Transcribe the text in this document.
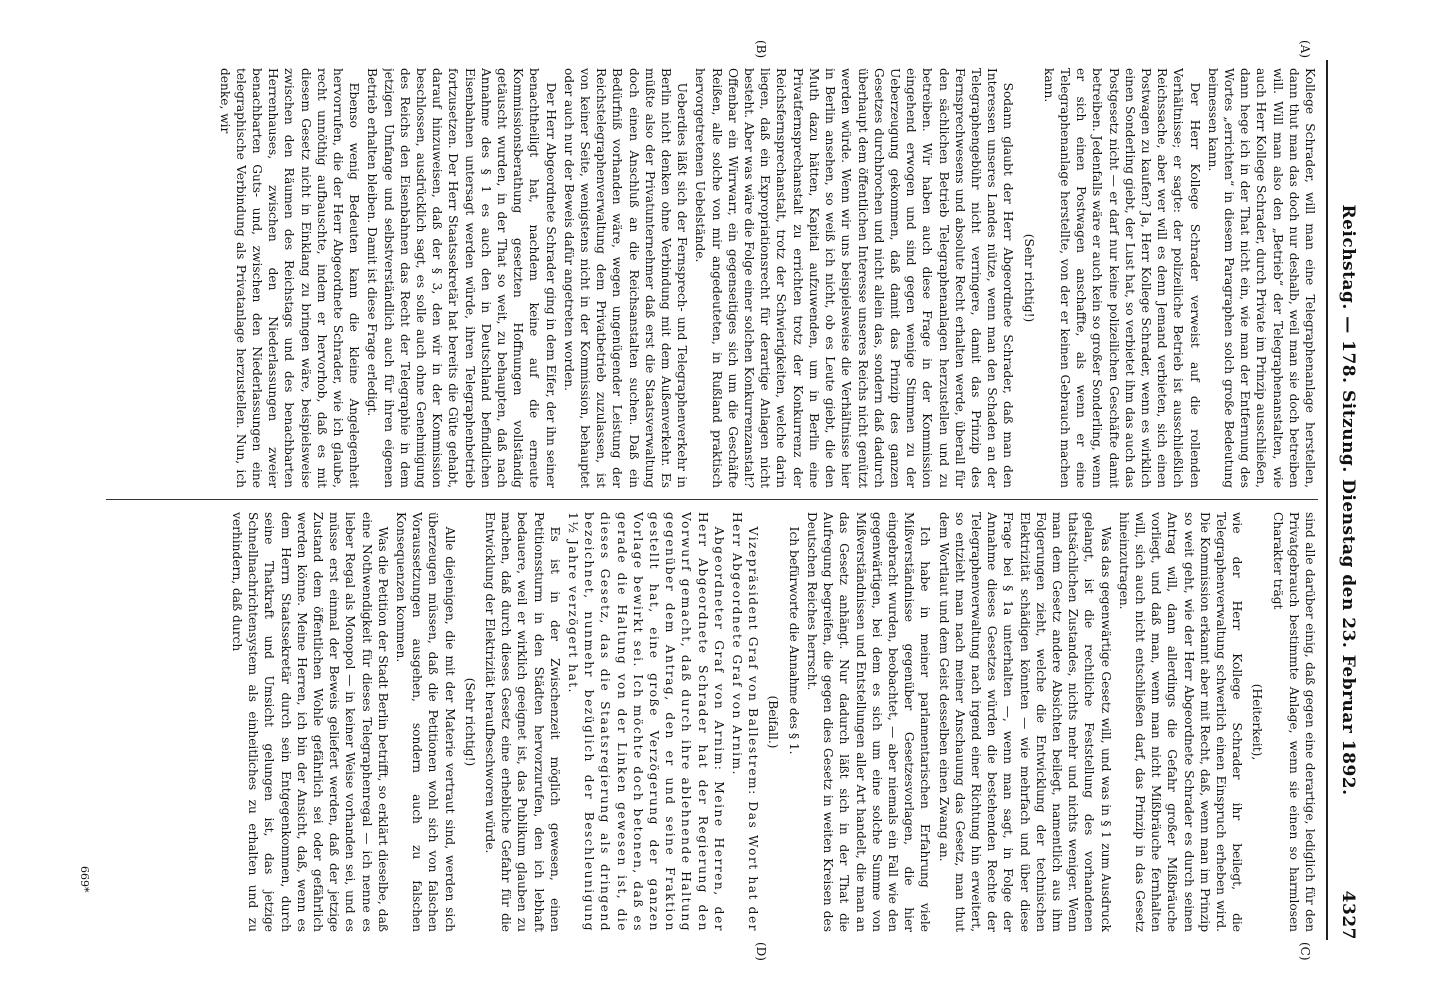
Reichstag. — 178. Sitzung. Dienstag den 23. Februar 1892.
4327
(A)
(B)
(C)
(D)

Kollege Schrader, will man eine Telegraphenanlage herstellen, dann thut man das doch nur deshalb, weil man sie doch betreiben will. Will man also den „Betrieb“ der Telegraphenanstalten, wie auch Herr Kollege Schrader, durch Private im Prinzip ausschließen, dann hege ich in der That nicht ein, wie man der Entfernung des Wortes „errichten“ in diesem Paragraphen solch große Bedeutung beimessen kann.

Der Herr Kollege Schrader verweist auf die rollenden Verhältnisse; er sagte: der polizeiliche Betrieb ist ausschließlich Reichssache, aber wer will es denn Jemand verbieten, sich einen Postwagen zu kaufen? Ja, Herr Kollege Schrader, wenn es wirklich einen Sonderling giebt, der Lust hat, so verbietet ihm das auch das Postgesetz nicht — er darf nur keine polizeilichen Geschäfte damit betreiben. Jedenfalls wäre er auch kein so großer Sonderling, wenn er sich einen Postwagen anschaffte, als wenn er eine Telegraphenanlage herstellte, von der er keinen Gebrauch machen kann.

(Sehr richtig!)

Sodann glaubt der Herr Abgeordnete Schrader, daß man den Interessen unseres Landes nütze, wenn man den Schaden an der Telegraphengebühr nicht verringere, damit das Prinzip des Fernsprechwesens und absolute Recht erhalten werde, überall für den sächlichen Betrieb Telegraphenanlagen herzustellen und zu betreiben. Wir haben auch diese Frage in der Kommission eingehend erwogen und sind gegen wenige Stimmen zu der Ueberzeugung gekommen, daß damit das Prinzip des ganzen Gesetzes durchbrochen und nicht allein das, sondern daß dadurch überhaupt dem öffentlichen Interesse unseres Reichs nicht genützt werden würde. Wenn wir uns beispielsweise die Verhältnisse hier in Berlin ansehen, so weiß ich nicht, ob es Leute giebt, die den Muth dazu hätten, Kapital aufzuwenden, um in Berlin eine Privatfernsprechanstalt zu errichten trotz der Konkurrenz der Reichsfernsprechanstalt, trotz der Schwierigkeiten, welche darin liegen, daß ein Expropriationsrecht für derartige Anlagen nicht besteht. Aber was wäre die Folge einer solchen Konkurrenzanstalt? Offenbar ein Wirrwarr, ein gegenseitiges sich um die Geschäfte Reißen, alle solche von mir angedeuteten, in Rußland praktisch hervorgetretenen Uebelstände.

Ueberdies läßt sich der Fernsprech- und Telegraphenverkehr in Berlin nicht denken ohne Verbindung mit dem Außenverkehr. Es müßte also der Privatunternehmer daß erst die Staatsverwaltung doch einen Anschluß an die Reichsanstalten suchen. Daß ein Bedürfniß vorhanden wäre, wegen ungenügender Leistung der Reichstelegraphenverwaltung dem Privatbetrieb zuzulassen, ist von keiner Seite, wenigstens nicht in der Kommission, behauptet oder auch nur der Beweis dafür angetreten worden.

Der Herr Abgeordnete Schrader ging in dem Eifer, der ihn seiner benachtheiligt hat, nachdem keine auf die erneute Kommissionsberathung gesetzten Hoffnungen vollständig getäuscht wurden, in der That so weit, zu behaupten, daß nach Annahme des § 1 es auch den in Deutschland befindlichen Eisenbahnen untersagt werden würde, ihren Telegraphenbetrieb fortzusetzen. Der Herr Staatssekretär hat bereits die Güte gehabt, darauf hinzuweisen, daß der § 3, den wir in der Kommission beschlossen, ausdrücklich sagt, es solle auch ohne Genehmigung des Reichs den Eisenbahnen das Recht der Telegraphie in dem jetzigen Umfange und selbstverständlich auch für ihren eigenen Betrieb erhalten bleiben. Damit ist diese Frage erledigt.

Ebenso wenig Bedeuten kann die kleine Angelegenheit hervorrufen, die der Herr Abgeordnete Schrader, wie ich glaube, recht unnöthig aufbauschte, indem er hervorhob, daß es mit diesem Gesetz nicht in Einklang zu bringen wäre, beispielsweise zwischen den Räumen des Reichstags und des benachbarten Herrenhauses, zwischen den Niederlassungen zweier benachbarten Guts- und, zwischen den Niederlassungen eine telegraphische Verbindung als Privatanlage herzustellen. Nun, ich denke, wir

sind alle darüber einig, daß gegen eine derartige, lediglich für den Privatgebrauch bestimmte Anlage, wenn sie einen so harmlosen Charakter trägt

(Heiterkeit),

wie der Herr Kollege Schrader ihr beilegt, die Telegraphenverwaltung schwerlich einen Einspruch erheben wird. Die Kommission erkannt aber mit Recht, daß, wenn man im Prinzip so weit geht, wie der Herr Abgeordnete Schrader es durch seinen Antrag will, dann allerdings die Gefahr großer Mißbräuche vorliegt, und daß man, wenn man nicht Mißbräuche fernhalten will, sich auch nicht entschließen darf, das Prinzip in das Gesetz hineinzutragen.

Was das gegenwärtige Gesetz will, und was in § 1 zum Ausdruck gelangt, ist die rechtliche Feststellung des vorhandenen thatsächlichen Zustandes, nichts mehr und nichts weniger. Wenn man dem Gesetz andere Absichten beilegt, namentlich aus ihm Folgerungen zieht, welche die Entwicklung der technischen Elektrizität schädigen könnten — wie mehrfach und über diese Frage bei § 1a unterhalten —, wenn man sagt, in Folge der Annahme dieses Gesetzes würden die bestehenden Rechte der Telegraphenverwaltung nach irgend einer Richtung hin erweitert, so entzieht man nach meiner Anschauung das Gesetz, man thut dem Wortlaut und dem Geist desselben einen Zwang an.

Ich habe in meiner parlamentarischen Erfahrung viele Mißverständnisse gegenüber Gesetzesvorlagen, die hier eingebracht wurden, beobachtet, — aber niemals ein Fall wie den gegenwärtigen, bei dem es sich um eine solche Summe von Mißverständnissen und Entstellungen aller Art handelt, die man an das Gesetz anhängt. Nur dadurch läßt sich in der That die Aufregung begreifen, die gegen dies Gesetz in weiten Kreisen des Deutschen Reiches herrscht.

Ich befürworte die Annahme des § 1.

(Beifall.)

Vizepräsident Graf von Ballestrem: Das Wort hat der Herr Abgeordnete Graf von Arnim.

Abgeordneter Graf von Arnim: Meine Herren, der Herr Abgeordnete Schrader hat der Regierung den Vorwurf gemacht, daß durch ihre ablehnende Haltung gegenüber dem Antrag, den er und seine Fraktion gestellt hat, eine große Verzögerung der ganzen Vorlage bewirkt sei. Ich möchte doch betonen, daß es gerade die Haltung von der Linken gewesen ist, die dieses Gesetz, das die Staatsregierung als dringend bezeichnet, nunmehr bezüglich der Beschleunigung 1½ Jahre verzögert hat.

Es ist in der Zwischenzeit möglich gewesen, einen Petitionssturm in den Städten hervorzurufen, den ich lebhaft bedauere, weil er wirklich geeignet ist, das Publikum glauben zu machen, daß durch dieses Gesetz eine erhebliche Gefahr für die Entwicklung der Elektrizität heraufbeschworen würde.

(Sehr richtig!)

Alle diejenigen, die mit der Materie vertraut sind, werden sich überzeugen müssen, daß die Petitionen wohl sich von falschen Voraussetzungen ausgehen, sondern auch zu falschen Konsequenzen kommen.

Was die Petition der Stadt Berlin betrifft, so erklärt dieselbe, daß eine Nothwendigkeit für dieses Telegraphenregal — ich nenne es lieber Regal als Monopol — in keiner Weise vorhanden sei, und es müsse erst einmal der Beweis geliefert werden, daß der jetzige Zustand dem öffentlichen Wohle gefährlich sei oder gefährlich werden könne. Meine Herren, ich bin der Ansicht, daß, wenn es dem Herrn Staatssekretär durch sein Entgegenkommen, durch seine Thatkraft und Umsicht gelungen ist, das jetzige Schnellnachrichtensystem als einheitliches zu erhalten und zu verhindern, daß durch

669*
